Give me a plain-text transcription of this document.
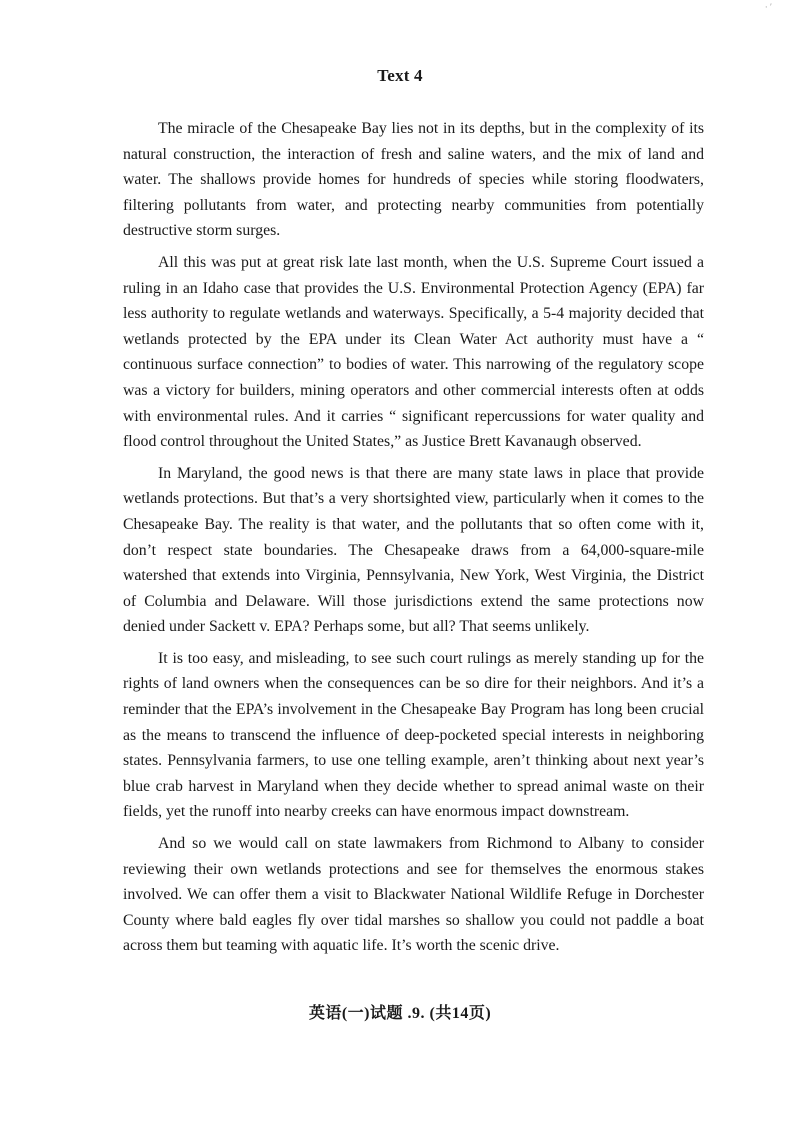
· ′
Text 4

The miracle of the Chesapeake Bay lies not in its depths, but in the complexity of its natural construction, the interaction of fresh and saline waters, and the mix of land and water. The shallows provide homes for hundreds of species while storing floodwaters, filtering pollutants from water, and protecting nearby communities from potentially destructive storm surges.

All this was put at great risk late last month, when the U.S. Supreme Court issued a ruling in an Idaho case that provides the U.S. Environmental Protection Agency (EPA) far less authority to regulate wetlands and waterways. Specifically, a 5-4 majority decided that wetlands protected by the EPA under its Clean Water Act authority must have a “ continuous surface connection” to bodies of water. This narrowing of the regulatory scope was a victory for builders, mining operators and other commercial interests often at odds with environmental rules. And it carries “ significant repercussions for water quality and flood control throughout the United States,” as Justice Brett Kavanaugh observed.

In Maryland, the good news is that there are many state laws in place that provide wetlands protections. But that’s a very shortsighted view, particularly when it comes to the Chesapeake Bay. The reality is that water, and the pollutants that so often come with it, don’t respect state boundaries. The Chesapeake draws from a 64,000-square-mile watershed that extends into Virginia, Pennsylvania, New York, West Virginia, the District of Columbia and Delaware. Will those jurisdictions extend the same protections now denied under Sackett v. EPA? Perhaps some, but all? That seems unlikely.

It is too easy, and misleading, to see such court rulings as merely standing up for the rights of land owners when the consequences can be so dire for their neighbors. And it’s a reminder that the EPA’s involvement in the Chesapeake Bay Program has long been crucial as the means to transcend the influence of deep-pocketed special interests in neighboring states. Pennsylvania farmers, to use one telling example, aren’t thinking about next year’s blue crab harvest in Maryland when they decide whether to spread animal waste on their fields, yet the runoff into nearby creeks can have enormous impact downstream.

And so we would call on state lawmakers from Richmond to Albany to consider reviewing their own wetlands protections and see for themselves the enormous stakes involved. We can offer them a visit to Blackwater National Wildlife Refuge in Dorchester County where bald eagles fly over tidal marshes so shallow you could not paddle a boat across them but teaming with aquatic life. It’s worth the scenic drive.

英语(一)试题 .9. (共14页)
